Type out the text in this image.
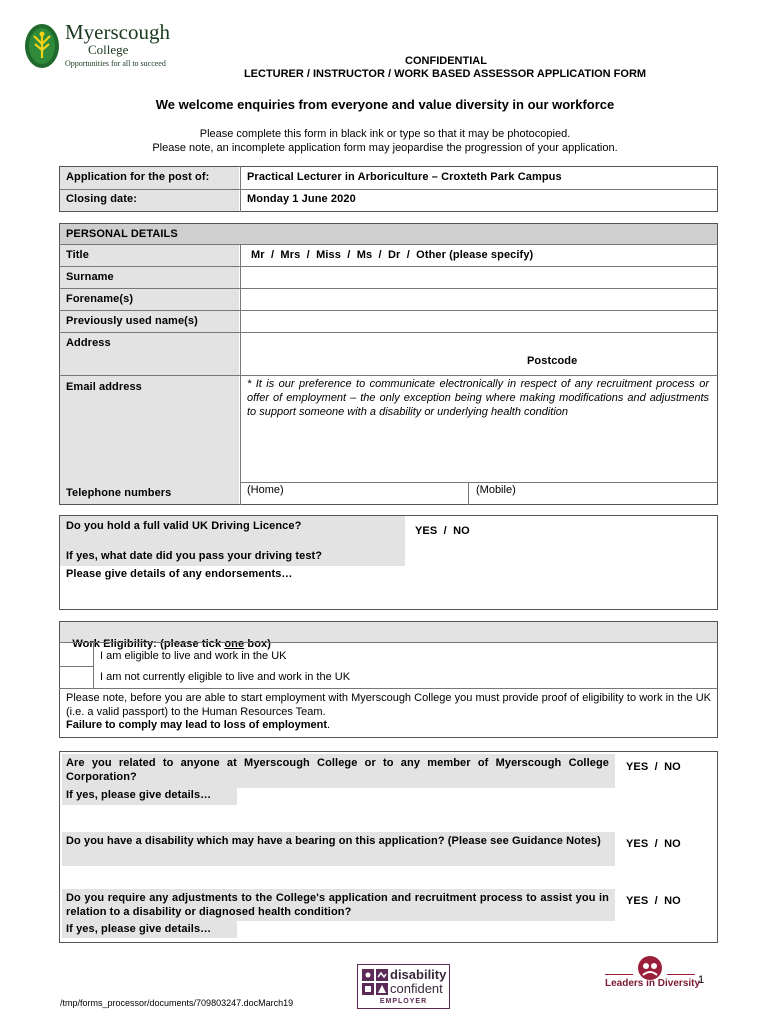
Myerscough
College
Opportunities for all to succeed	CONFIDENTIAL
LECTURER / INSTRUCTOR / WORK BASED ASSESSOR APPLICATION FORM
We welcome enquiries from everyone and value diversity in our workforce
Please complete this form in black ink or type so that it may be photocopied.
Please note, an incomplete application form may jeopardise the progression of your application.
Application for the post of:	Practical Lecturer in Arboriculture – Croxteth Park Campus
Closing date:	Monday 1 June 2020
PERSONAL DETAILS
Title	Mr  /  Mrs  /  Miss  /  Ms  /  Dr  /  Other (please specify)
Surname
Forename(s)
Previously used name(s)
Address
Postcode
Email address	* It is our preference to communicate electronically in respect of any recruitment process or offer of employment – the only exception being where making modifications and adjustments to support someone with a disability or underlying health condition
Telephone numbers	(Home)	(Mobile)
Do you hold a full valid UK Driving Licence?	YES  /  NO
If yes, what date did you pass your driving test?
Please give details of any endorsements…

Work Eligibility: (please tick one box)

I am eligible to live and work in the UK
I am not currently eligible to live and work in the UK
Please note, before you are able to start employment with Myerscough College you must provide proof of eligibility to work in the UK (i.e. a valid passport) to the Human Resources Team.
Failure to comply may lead to loss of employment.
Are you related to anyone at Myerscough College or to any member of Myerscough College Corporation?
YES  /  NO
If yes, please give details…
Do you have a disability which may have a bearing on this application? (Please see Guidance Notes)	YES  /  NO
Do you require any adjustments to the College's application and recruitment process to assist you in relation to a disability or diagnosed health condition?
YES  /  NO
If yes, please give details…
disability
confident
EMPLOYER
Leaders in Diversity
1
/tmp/forms_processor/documents/709803247.docMarch19
